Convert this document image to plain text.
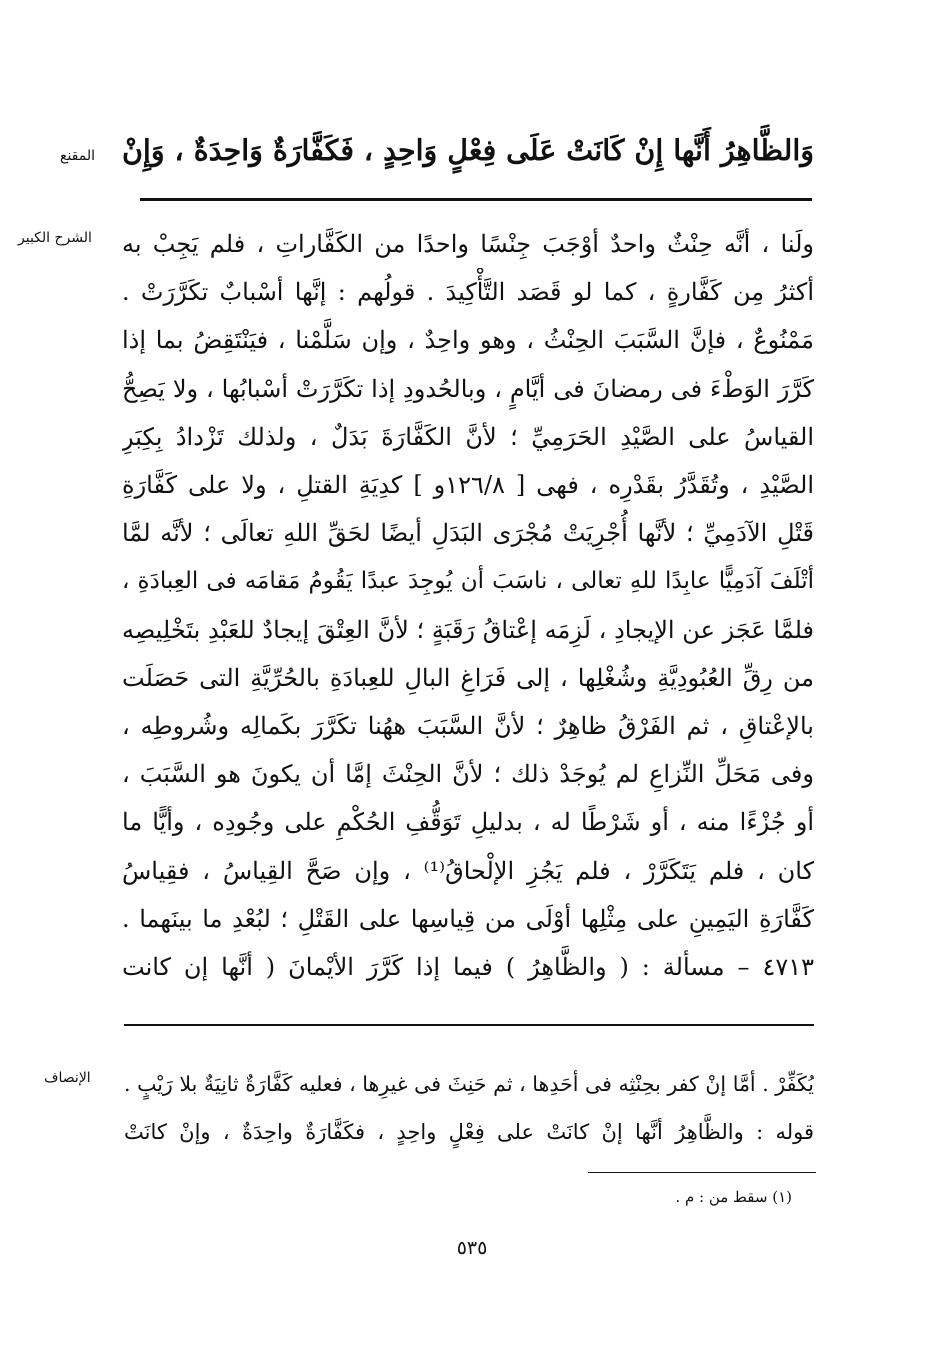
المقنع وَالظَّاهِرُ أَنَّها إِنْ كَانَتْ عَلَى فِعْلٍ وَاحِدٍ ، فَكَفَّارَةٌ وَاحِدَةٌ ، وَإِنْ
الشرح الكبير ولَنا ، أنَّه حِنْثٌ واحدٌ أوْجَبَ جِنْسًا واحدًا من الكَفَّاراتِ ، فلم يَجِبْ به
أكثرُ مِن كَفَّارةٍ ، كما لو قَصَد التَّأْكِيدَ . قولُهم : إنَّها أسْبابٌ تكَرَّرَتْ .
مَمْنُوعٌ ، فإنَّ السَّبَبَ الحِنْثُ ، وهو واحِدٌ ، وإن سَلَّمْنا ، فيَنْتَقِضُ بما إذا
كَرَّرَ الوَطْءَ فى رمضانَ فى أيَّامٍ ، وبالحُدودِ إذا تكَرَّرَتْ أسْبابُها ، ولا يَصِحُّ
القياسُ على الصَّيْدِ الحَرَمِيِّ ؛ لأنَّ الكَفَّارَةَ بَدَلٌ ، ولذلك تَزْدادُ بِكِبَرِ
الصَّيْدِ ، وتُقَدَّرُ بقَدْرِه ، فهى [ ١٢٦/٨و ] كدِيَةِ القتلِ ، ولا على كَفَّارَةِ
قَتْلِ الآدَمِيِّ ؛ لأنَّها أُجْرِيَتْ مُجْرَى البَدَلِ أيضًا لحَقِّ اللهِ تعالَى ؛ لأنَّه لمَّا
أتْلَفَ آدَمِيًّا عابِدًا للهِ تعالى ، ناسَبَ أن يُوجِدَ عبدًا يَقُومُ مَقامَه فى العِبادَةِ ،
فلمَّا عَجَز عن الإيجادِ ، لَزِمَه إعْتاقُ رَقَبَةٍ ؛ لأنَّ العِتْقَ إيجادٌ للعَبْدِ بتَخْلِيصِه
من رِقِّ العُبُودِيَّةِ وشُغْلِها ، إلى فَرَاغِ البالِ للعِبادَةِ بالحُرِّيَّةِ التى حَصَلَت
بالإعْتاقِ ، ثم الفَرْقُ ظاهِرٌ ؛ لأنَّ السَّبَبَ ههُنا تكَرَّرَ بكَمالِه وشُروطِه ،
وفى مَحَلِّ النِّزاعِ لم يُوجَدْ ذلك ؛ لأنَّ الحِنْثَ إمَّا أن يكونَ هو السَّبَبَ ،
أو جُزْءًا منه ، أو شَرْطًا له ، بدليلِ تَوَقُّفِ الحُكْمِ على وجُودِه ، وأيًّا ما
كان ، فلم يَتَكَرَّرْ ، فلم يَجُزِ الإلْحاقُ⁽¹⁾ ، وإن صَحَّ القِياسُ ، فقِياسُ
كَفَّارَةِ اليَمِينِ على مِثْلِها أوْلَى من قِياسِها على القَتْلِ ؛ لبُعْدِ ما بينَهما .
٤٧١٣ – مسألة : ( والظَّاهِرُ ) فيما إذا كَرَّرَ الأيْمانَ ( أنَّها إن كانت
الإنصاف يُكَفِّرْ . أمَّا إنْ كفر بحِنْثِه فى أحَدِها ، ثم حَنِثَ فى غيرِها ، فعليه كَفَّارَةٌ ثانِيَةٌ بلا رَيْبٍ .
قوله : والظَّاهِرُ أنَّها إنْ كانَتْ على فِعْلٍ واحِدٍ ، فكَفَّارَةٌ واحِدَةٌ ، وإنْ كانَتْ
(١) سقط من : م .
٥٣٥
